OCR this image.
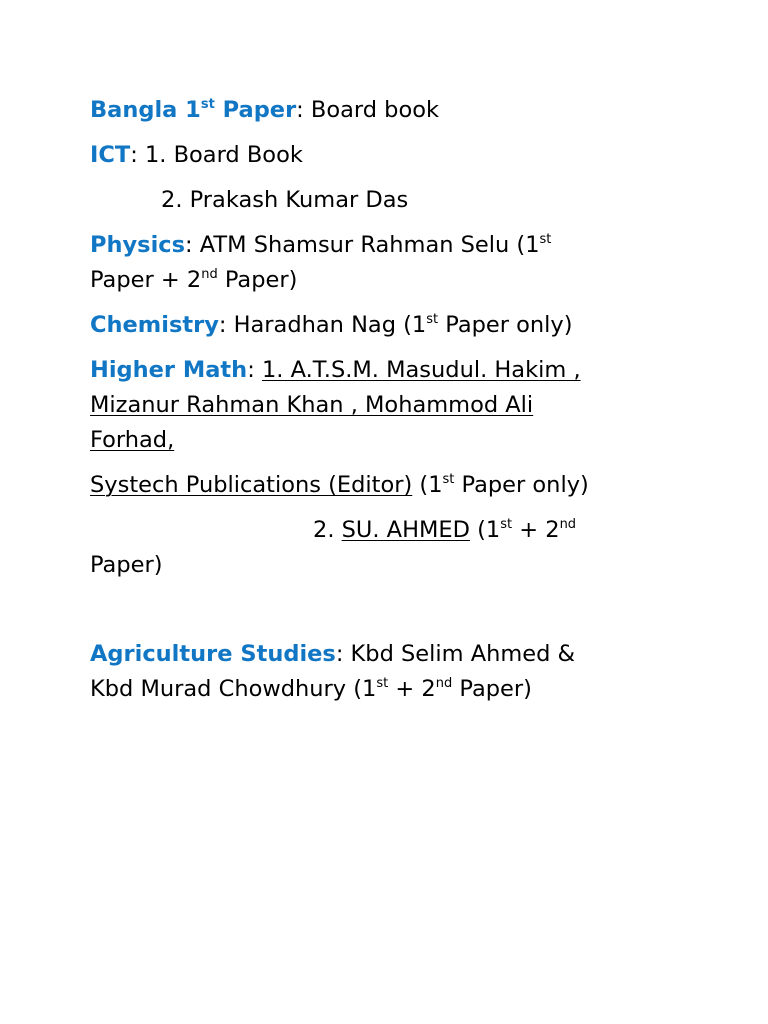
Bangla 1st Paper: Board book

ICT: 1. Board Book

2. Prakash Kumar Das

Physics: ATM Shamsur Rahman Selu (1st
Paper + 2nd Paper)

Chemistry: Haradhan Nag (1st Paper only)

Higher Math: 1. A.T.S.M. Masudul. Hakim ,
Mizanur Rahman Khan , Mohammod Ali
Forhad,

Systech Publications (Editor) (1st Paper only)

2. SU. AHMED (1st + 2nd
Paper)

Agriculture Studies: Kbd Selim Ahmed &
Kbd Murad Chowdhury (1st + 2nd Paper)
